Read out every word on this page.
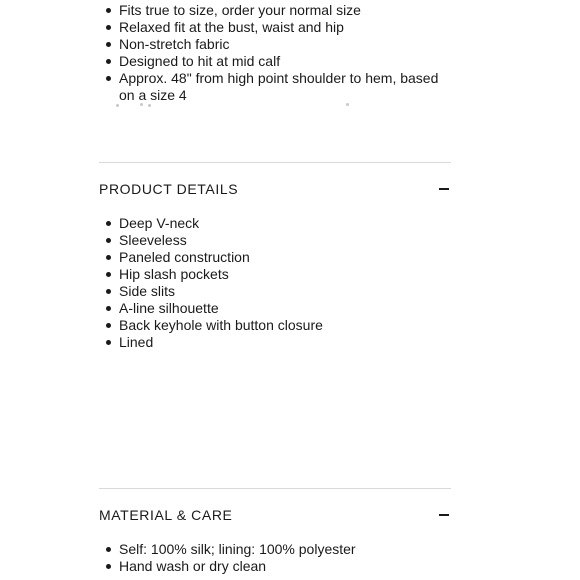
Fits true to size, order your normal size
Relaxed fit at the bust, waist and hip
Non-stretch fabric
Designed to hit at mid calf
Approx. 48" from high point shoulder to hem, based on a size 4
PRODUCT DETAILS
Deep V-neck
Sleeveless
Paneled construction
Hip slash pockets
Side slits
A-line silhouette
Back keyhole with button closure
Lined
MATERIAL & CARE
Self: 100% silk; lining: 100% polyester
Hand wash or dry clean
